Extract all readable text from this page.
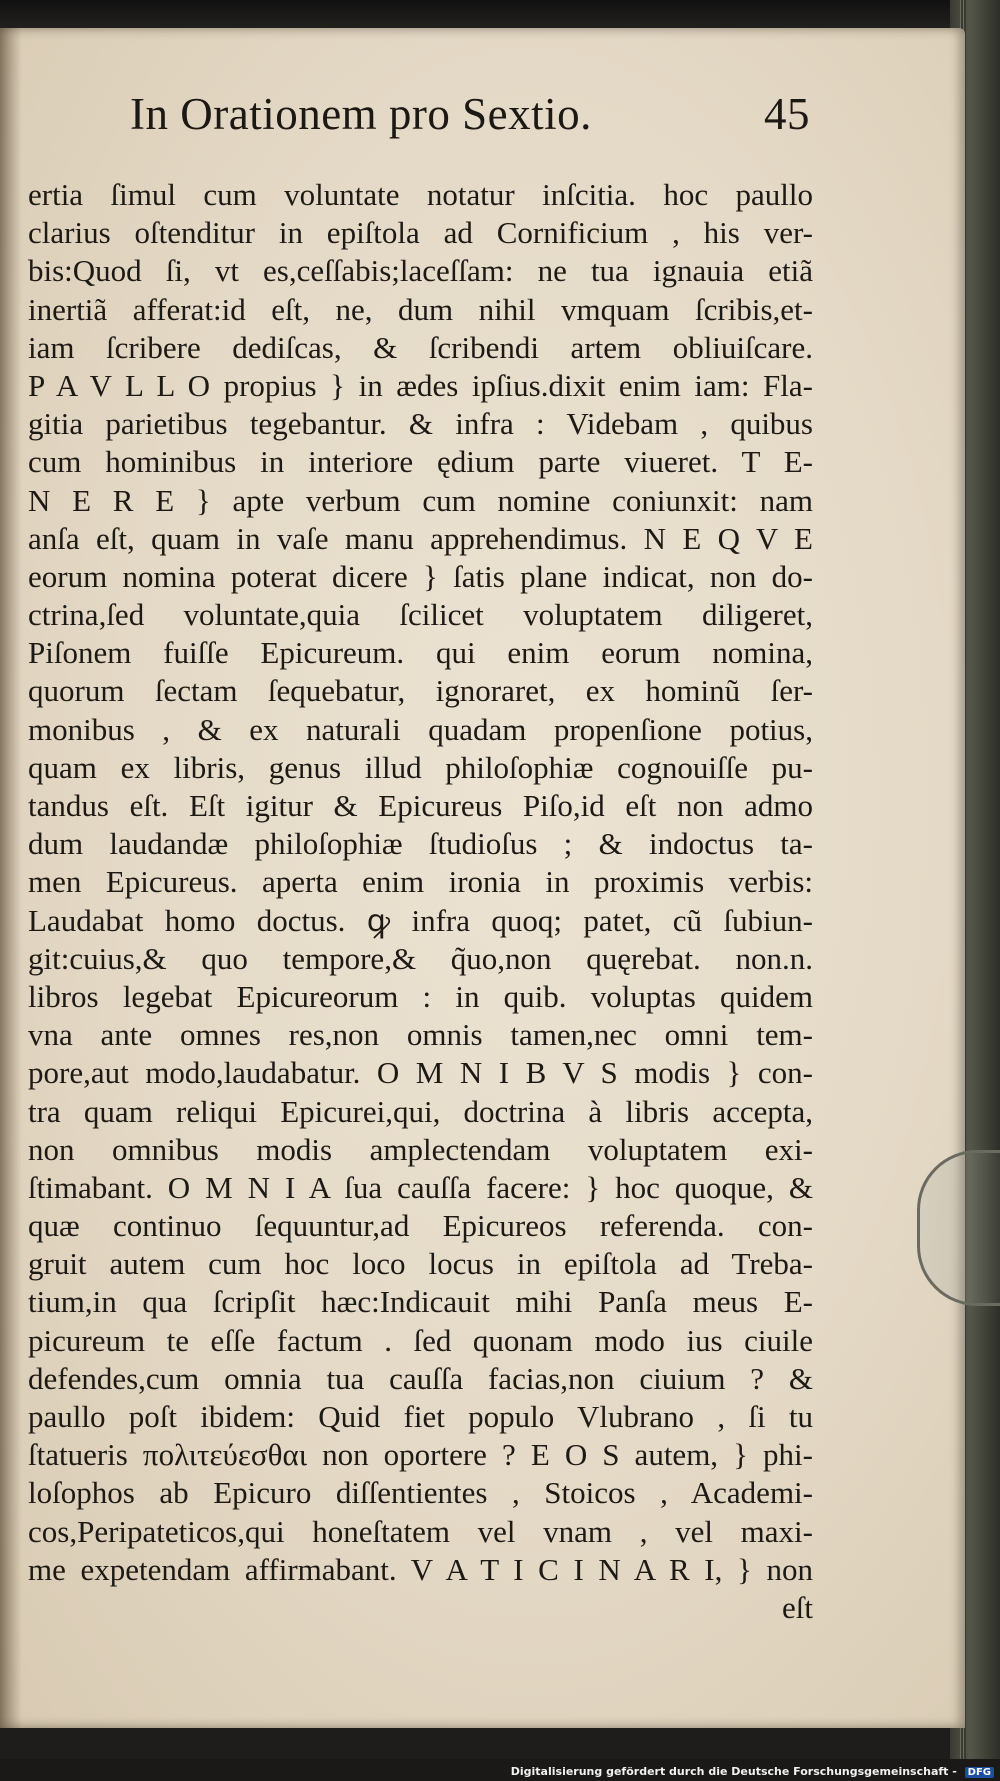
In Orationem pro Sextio.	45
ertia ſimul cum voluntate notatur inſcitia. hoc paullo
clarius oſtenditur in epiſtola ad Cornificium , his ver-
bis:Quod ſi, vt es,ceſſabis;laceſſam: ne tua ignauia etiã
inertiã afferat:id eſt, ne, dum nihil vmquam ſcribis,et-
iam ſcribere dediſcas, & ſcribendi artem obliuiſcare.
P A V L L O propius } in ædes ipſius.dixit enim iam: Fla-
gitia parietibus tegebantur. & infra : Videbam , quibus
cum hominibus in interiore ędium parte viueret. T E-
N E R E } apte verbum cum nomine coniunxit: nam
anſa eſt, quam in vaſe manu apprehendimus. N E Q V E
eorum nomina poterat dicere } ſatis plane indicat, non do-
ctrina,ſed voluntate,quia ſcilicet voluptatem diligeret,
Piſonem fuiſſe Epicureum. qui enim eorum nomina,
quorum ſectam ſequebatur, ignoraret, ex hominũ ſer-
monibus , & ex naturali quadam propenſione potius,
quam ex libris, genus illud philoſophiæ cognouiſſe pu-
tandus eſt. Eſt igitur & Epicureus Piſo,id eſt non admo
dum laudandæ philoſophiæ ſtudioſus ; & indoctus ta-
men Epicureus. aperta enim ironia in proximis verbis:
Laudabat homo doctus. ꝙ infra quoq; patet, cũ ſubiun-
git:cuius,& quo tempore,& q̃uo,non quęrebat. non.n.
libros legebat Epicureorum : in quib. voluptas quidem
vna ante omnes res,non omnis tamen,nec omni tem-
pore,aut modo,laudabatur. O M N I B V S modis } con-
tra quam reliqui Epicurei,qui, doctrina à libris accepta,
non omnibus modis amplectendam voluptatem exi-
ſtimabant. O M N I A ſua cauſſa facere: } hoc quoque, &
quæ continuo ſequuntur,ad Epicureos referenda. con-
gruit autem cum hoc loco locus in epiſtola ad Treba-
tium,in qua ſcripſit hæc:Indicauit mihi Panſa meus E-
picureum te eſſe factum . ſed quonam modo ius ciuile
defendes,cum omnia tua cauſſa facias,non ciuium ? &
paullo poſt ibidem: Quid fiet populo Vlubrano , ſi tu
ſtatueris πολιτεύεσθαι non oportere ? E O S autem, } phi-
loſophos ab Epicuro diſſentientes , Stoicos , Academi-
cos,Peripateticos,qui honeſtatem vel vnam , vel maxi-
me expetendam affirmabant. V A T I C I N A R I, } non
eſt
Digitalisierung gefördert durch die Deutsche Forschungsgemeinschaft - DFG
